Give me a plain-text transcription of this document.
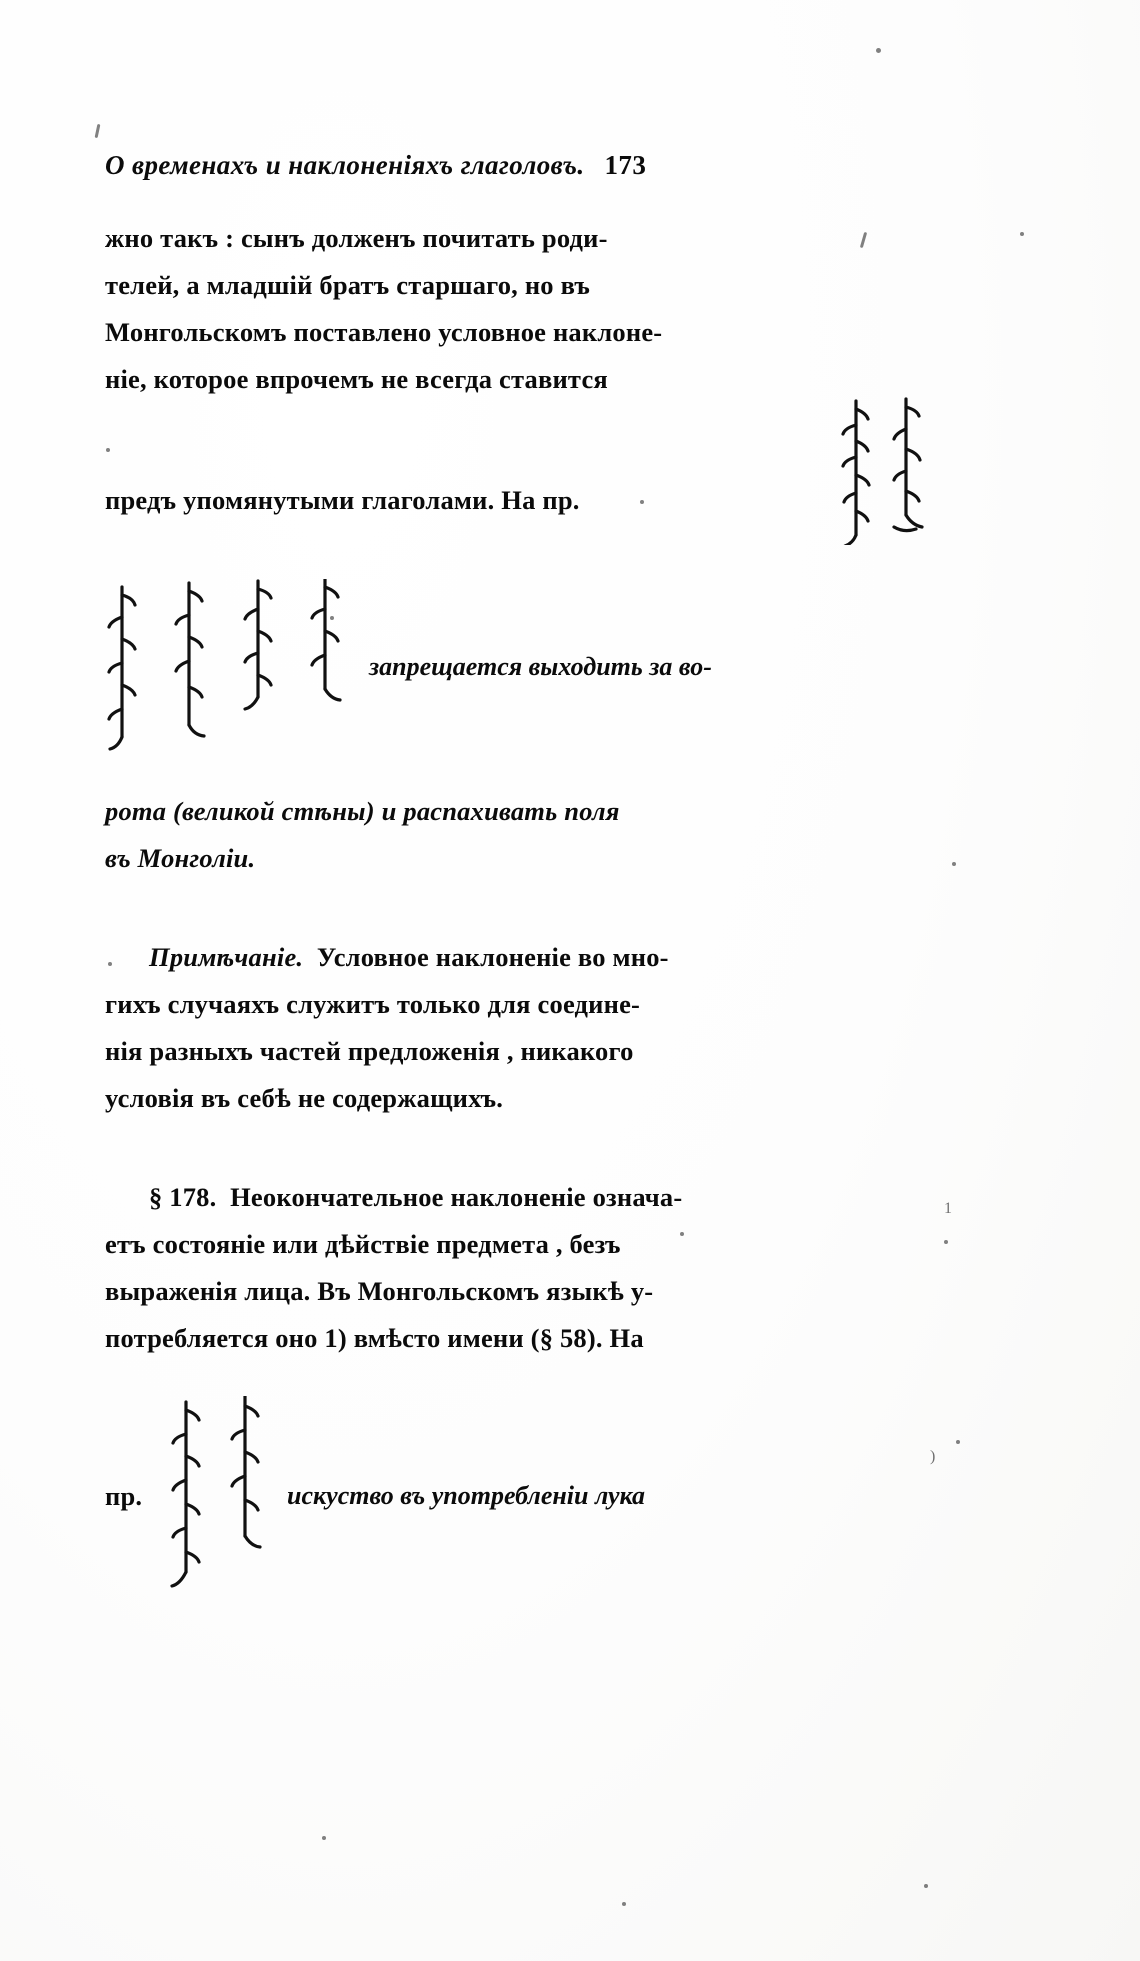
1
)
О временахъ и наклоненіяхъ глаголовъ. 173
жно такъ : сынъ долженъ почитать роди-
телей, а младшій братъ старшаго, но въ
Монгольскомъ поставлено условное наклоне-
ніе, которое впрочемъ не всегда ставится
предъ упомянутыми глаголами. На пр.
запрещается выходить за во-
рота (великой стѣны) и распахивать поля
въ Монголіи.
Примѣчаніе. Условное наклоненіе во мно-
гихъ случаяхъ служитъ только для соедине-
нія разныхъ частей предложенія , никакого
условія въ себѣ не содержащихъ.
§ 178. Неокончательное наклоненіе означа-
етъ состояніе или дѣйствіе предмета , безъ
выраженія лица. Въ Монгольскомъ языкѣ у-
потребляется оно 1) вмѣсто имени (§ 58). На
пр.	искуство въ употребленіи лука
